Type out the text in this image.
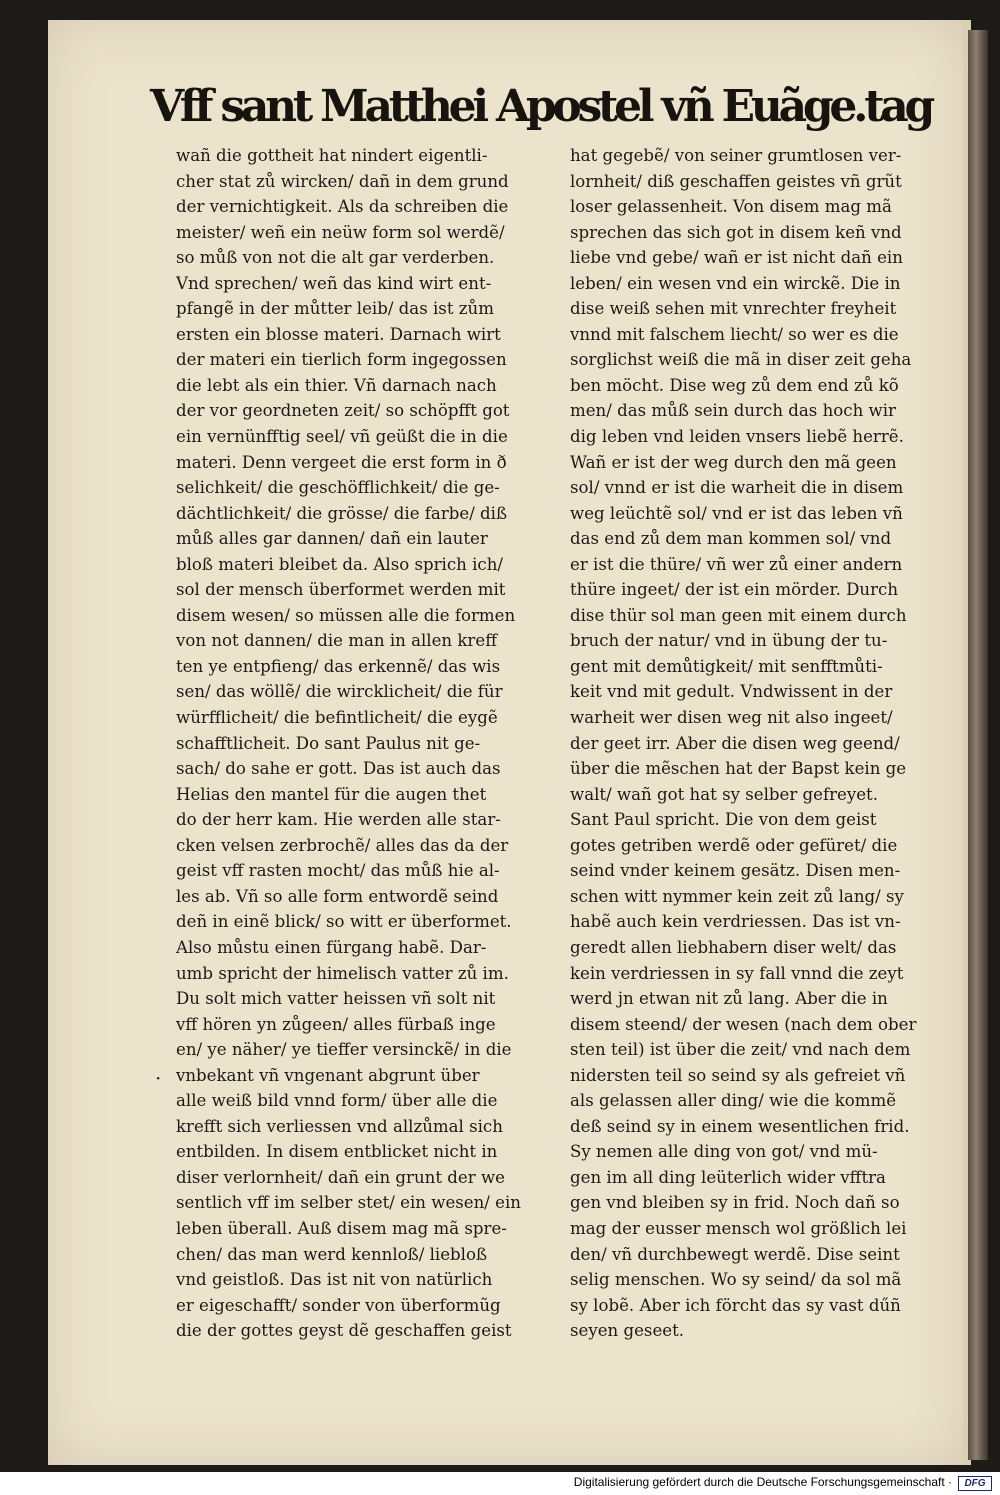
Vff sant Matthei Apostel vñ Euãge.tag
wañ die gottheit hat nindert eigentli-
cher stat zů wircken/ dañ in dem grund
der vernichtigkeit. Als da schreiben die
meister/ weñ ein neüw form sol werdẽ/
so můß von not die alt gar verderben.
Vnd sprechen/ weñ das kind wirt ent-
pfangẽ in der můtter leib/ das ist zům
ersten ein blosse materi. Darnach wirt
der materi ein tierlich form ingegossen
die lebt als ein thier. Vñ darnach nach
der vor geordneten zeit/ so schöpfft got
ein vernünfftig seel/ vñ geüßt die in die
materi. Denn vergeet die erst form in ð
selichkeit/ die geschöfflichkeit/ die ge-
dächtlichkeit/ die grösse/ die farbe/ diß
můß alles gar dannen/ dañ ein lauter
bloß materi bleibet da. Also sprich ich/
sol der mensch überformet werden mit
disem wesen/ so müssen alle die formen
von not dannen/ die man in allen kreff
ten ye entpfieng/ das erkennẽ/ das wis
sen/ das wöllẽ/ die wircklicheit/ die für
würfflicheit/ die befintlicheit/ die eygẽ
schafftlicheit. Do sant Paulus nit ge-
sach/ do sahe er gott. Das ist auch das
Helias den mantel für die augen thet
do der herr kam. Hie werden alle star-
cken velsen zerbrochẽ/ alles das da der
geist vff rasten mocht/ das můß hie al-
les ab. Vñ so alle form entwordẽ seind
deñ in einẽ blick/ so witt er überformet.
Also můstu einen fürgang habẽ. Dar-
umb spricht der himelisch vatter zů im.
Du solt mich vatter heissen vñ solt nit
vff hören yn zůgeen/ alles fürbaß inge
en/ ye näher/ ye tieffer versinckẽ/ in die
vnbekant vñ vngenant abgrunt über
alle weiß bild vnnd form/ über alle die
krefft sich verliessen vnd allzůmal sich
entbilden. In disem entblicket nicht in
diser verlornheit/ dañ ein grunt der we
sentlich vff im selber stet/ ein wesen/ ein
leben überall. Auß disem mag mã spre-
chen/ das man werd kennloß/ liebloß
vnd geistloß. Das ist nit von natürlich
er eigeschafft/ sonder von überformũg
die der gottes geyst dẽ geschaffen geist
hat gegebẽ/ von seiner grumtlosen ver-
lornheit/ diß geschaffen geistes vñ grũt
loser gelassenheit. Von disem mag mã
sprechen das sich got in disem keñ vnd
liebe vnd gebe/ wañ er ist nicht dañ ein
leben/ ein wesen vnd ein wirckẽ. Die in
dise weiß sehen mit vnrechter freyheit
vnnd mit falschem liecht/ so wer es die
sorglichst weiß die mã in diser zeit geha
ben möcht. Dise weg zů dem end zů kõ
men/ das můß sein durch das hoch wir
dig leben vnd leiden vnsers liebẽ herrẽ.
Wañ er ist der weg durch den mã geen
sol/ vnnd er ist die warheit die in disem
weg leüchtẽ sol/ vnd er ist das leben vñ
das end zů dem man kommen sol/ vnd
er ist die thüre/ vñ wer zů einer andern
thüre ingeet/ der ist ein mörder. Durch
dise thür sol man geen mit einem durch
bruch der natur/ vnd in übung der tu-
gent mit demůtigkeit/ mit senfftmůti-
keit vnd mit gedult. Vndwissent in der
warheit wer disen weg nit also ingeet/
der geet irr. Aber die disen weg geend/
über die mẽschen hat der Bapst kein ge
walt/ wañ got hat sy selber gefreyet.
Sant Paul spricht. Die von dem geist
gotes getriben werdẽ oder gefüret/ die
seind vnder keinem gesätz. Disen men-
schen witt nymmer kein zeit zů lang/ sy
habẽ auch kein verdriessen. Das ist vn-
geredt allen liebhabern diser welt/ das
kein verdriessen in sy fall vnnd die zeyt
werd jn etwan nit zů lang. Aber die in
disem steend/ der wesen (nach dem ober
sten teil) ist über die zeit/ vnd nach dem
nidersten teil so seind sy als gefreiet vñ
als gelassen aller ding/ wie die kommẽ
deß seind sy in einem wesentlichen frid.
Sy nemen alle ding von got/ vnd mü-
gen im all ding leüterlich wider vfftra
gen vnd bleiben sy in frid. Noch dañ so
mag der eusser mensch wol größlich lei
den/ vñ durchbewegt werdẽ. Dise seint
selig menschen. Wo sy seind/ da sol mã
sy lobẽ. Aber ich förcht das sy vast dűñ
seyen geseet.
·
Digitalisierung gefördert durch die Deutsche Forschungsgemeinschaft ·	DFG
